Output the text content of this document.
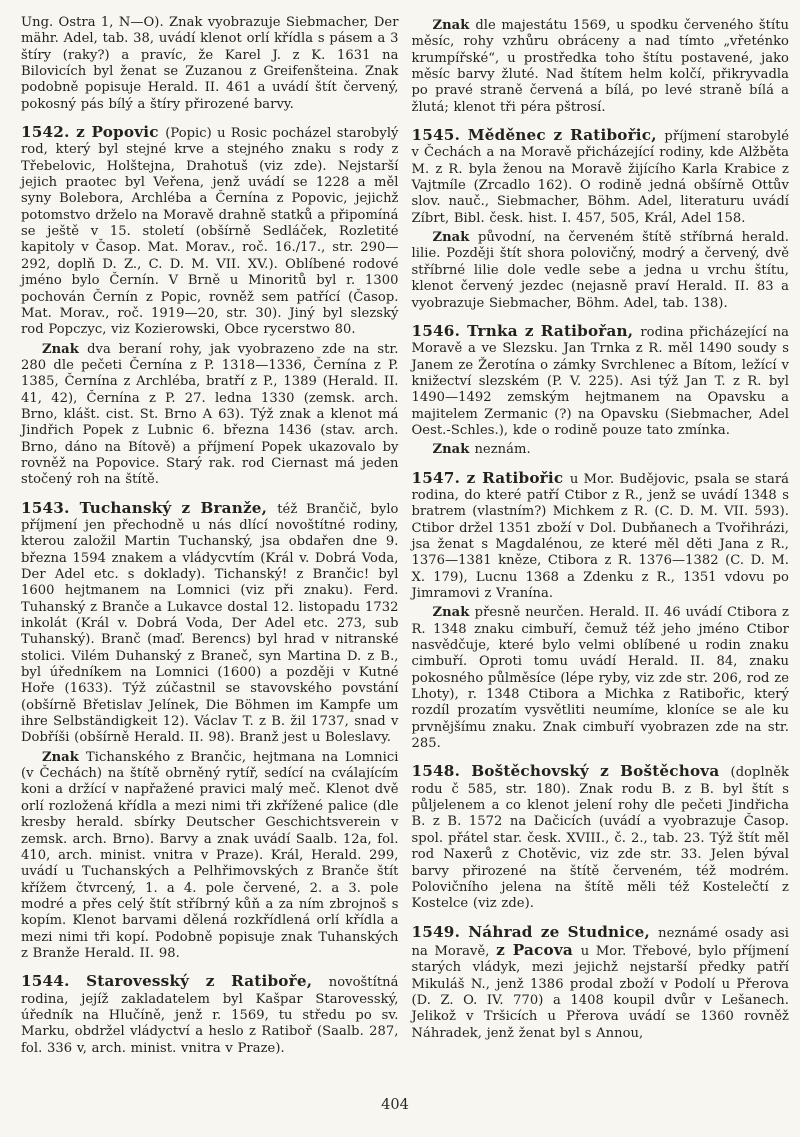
Ung. Ostra 1, N—O). Znak vyobrazuje Siebmacher, Der mähr. Adel, tab. 38, uvádí klenot orlí křídla s pásem a 3 štíry (raky?) a pravíc, že Karel J. z K. 1631 na Bilovicích byl ženat se Zuzanou z Greifenšteina. Znak podobně popisuje Herald. II. 461 a uvádí štít červený, pokosný pás bílý a štíry přirozené barvy.

1542. z Popovic (Popic) u Rosic pocházel starobylý rod, který byl stejné krve a stejného znaku s rody z Třebelovic, Holštejna, Drahotuš (viz zde). Nejstarší jejich praotec byl Veřena, jenž uvádí se 1228 a měl syny Bolebora, Archléba a Černína z Popovic, jejichž potomstvo drželo na Moravě drahně statků a připomíná se ještě v 15. století (obšírně Sedláček, Rozletité kapitoly v Časop. Mat. Morav., roč. 16./17., str. 290—292, doplň D. Z., C. D. M. VII. XV.). Oblíbené rodové jméno bylo Černín. V Brně u Minoritů byl r. 1300 pochován Černín z Popic, rovněž sem patřící (Časop. Mat. Morav., roč. 1919—20, str. 30). Jiný byl slezský rod Popczyc, viz Kozierowski, Obce rycerstwo 80.

Znak dva beraní rohy, jak vyobrazeno zde na str. 280 dle pečeti Černína z P. 1318—1336, Černína z P. 1385, Černína z Archléba, bratří z P., 1389 (Herald. II. 41, 42), Černína z P. 27. ledna 1330 (zemsk. arch. Brno, klášt. cist. St. Brno A 63). Týž znak a klenot má Jindřich Popek z Lubnic 6. března 1436 (stav. arch. Brno, dáno na Bítově) a příjmení Popek ukazovalo by rovněž na Popovice. Starý rak. rod Ciernast má jeden stočený roh na štítě.

1543. Tuchanský z Branže, též Brančič, bylo příjmení jen přechodně u nás dlící novoštítné rodiny, kterou založil Martin Tuchanský, jsa obdařen dne 9. března 1594 znakem a vládycvtím (Král v. Dobrá Voda, Der Adel etc. s doklady). Tichanský! z Brančic! byl 1600 hejtmanem na Lomnici (viz při znaku). Ferd. Tuhanský z Branče a Lukavce dostal 12. listopadu 1732 inkolát (Král v. Dobrá Voda, Der Adel etc. 273, sub Tuhanský). Branč (maď. Berencs) byl hrad v nitranské stolici. Vilém Duhanský z Braneč, syn Martina D. z B., byl úředníkem na Lomnici (1600) a později v Kutné Hoře (1633). Týž zúčastnil se stavovského povstání (obšírně Břetislav Jelínek, Die Böhmen im Kampfe um ihre Selbständigkeit 12). Václav T. z B. žil 1737, snad v Dobříši (obšírně Herald. II. 98). Branž jest u Boleslavy.

Znak Tichanského z Brančic, hejtmana na Lomnici (v Čechách) na štítě obrněný rytíř, sedící na cválajícím koni a držící v napřažené pravici malý meč. Klenot dvě orlí rozložená křídla a mezi nimi tři zkřížené palice (dle kresby herald. sbírky Deutscher Geschichtsverein v zemsk. arch. Brno). Barvy a znak uvádí Saalb. 12a, fol. 410, arch. minist. vnitra v Praze). Král, Herald. 299, uvádí u Tuchanských a Pelhřimovských z Branče štít křížem čtvrcený, 1. a 4. pole červené, 2. a 3. pole modré a přes celý štít stříbrný kůň a za ním zbrojnoš s kopím. Klenot barvami dělená rozkřídlená orlí křídla a mezi nimi tři kopí. Podobně popisuje znak Tuhanských z Branže Herald. II. 98.

1544. Starovesský z Ratiboře, novoštítná rodina, jejíž zakladatelem byl Kašpar Starovesský, úředník na Hlučíně, jenž r. 1569, tu středu po sv. Marku, obdržel vládyctví a heslo z Ratiboř (Saalb. 287, fol. 336 v, arch. minist. vnitra v Praze).

Znak dle majestátu 1569, u spodku červeného štítu měsíc, rohy vzhůru obráceny a nad tímto „vřeténko krumpířské“, u prostředka toho štítu postavené, jako měsíc barvy žluté. Nad štítem helm kolčí, přikryvadla po pravé straně červená a bílá, po levé straně bílá a žlutá; klenot tři péra pštrosí.

1545. Měděnec z Ratibořic, příjmení starobylé v Čechách a na Moravě přicházející rodiny, kde Alžběta M. z R. byla ženou na Moravě žijícího Karla Krabice z Vajtmíle (Zrcadlo 162). O rodině jedná obšírně Ottův slov. nauč., Siebmacher, Böhm. Adel, literaturu uvádí Zíbrt, Bibl. česk. hist. I. 457, 505, Král, Adel 158.

Znak původní, na červeném štítě stříbrná herald. lilie. Později štít shora polovičný, modrý a červený, dvě stříbrné lilie dole vedle sebe a jedna u vrchu štítu, klenot červený jezdec (nejasně praví Herald. II. 83 a vyobrazuje Siebmacher, Böhm. Adel, tab. 138).

1546. Trnka z Ratibořan, rodina přicházející na Moravě a ve Slezsku. Jan Trnka z R. měl 1490 soudy s Janem ze Žerotína o zámky Svrchlenec a Bítom, ležící v knižectví slezském (P. V. 225). Asi týž Jan T. z R. byl 1490—1492 zemským hejtmanem na Opavsku a majitelem Zermanic (?) na Opavsku (Siebmacher, Adel Oest.-Schles.), kde o rodině pouze tato zmínka.

Znak neznám.

1547. z Ratibořic u Mor. Budějovic, psala se stará rodina, do které patří Ctibor z R., jenž se uvádí 1348 s bratrem (vlastním?) Michkem z R. (C. D. M. VII. 593). Ctibor držel 1351 zboží v Dol. Dubňanech a Tvořihrázi, jsa ženat s Magdalénou, ze které měl děti Jana z R., 1376—1381 kněze, Ctibora z R. 1376—1382 (C. D. M. X. 179), Lucnu 1368 a Zdenku z R., 1351 vdovu po Jimramovi z Vranína.

Znak přesně neurčen. Herald. II. 46 uvádí Ctibora z R. 1348 znaku cimbuří, čemuž též jeho jméno Ctibor nasvědčuje, které bylo velmi oblíbené u rodin znaku cimbuří. Oproti tomu uvádí Herald. II. 84, znaku pokosného půlměsíce (lépe ryby, viz zde str. 206, rod ze Lhoty), r. 1348 Ctibora a Michka z Ratibořic, který rozdíl prozatím vysvětliti neumíme, kloníce se ale ku prvnějšímu znaku. Znak cimbuří vyobrazen zde na str. 285.

1548. Boštěchovský z Boštěchova (doplněk rodu č 585, str. 180). Znak rodu B. z B. byl štít s půljelenem a co klenot jelení rohy dle pečeti Jindřicha B. z B. 1572 na Dačicích (uvádí a vyobrazuje Časop. spol. přátel star. česk. XVIII., č. 2., tab. 23. Týž štít měl rod Naxerů z Chotěvic, viz zde str. 33. Jelen býval barvy přirozené na štítě červeném, též modrém. Polovičního jelena na štítě měli též Kostelečtí z Kostelce (viz zde).

1549. Náhrad ze Studnice, neznámé osady asi na Moravě, z Pacova u Mor. Třebové, bylo příjmení starých vládyk, mezi jejichž nejstarší předky patří Mikuláš N., jenž 1386 prodal zboží v Podolí u Přerova (D. Z. O. IV. 770) a 1408 koupil dvůr v Lešanech. Jelikož v Tršicích u Přerova uvádí se 1360 rovněž Náhradek, jenž ženat byl s Annou,

404
